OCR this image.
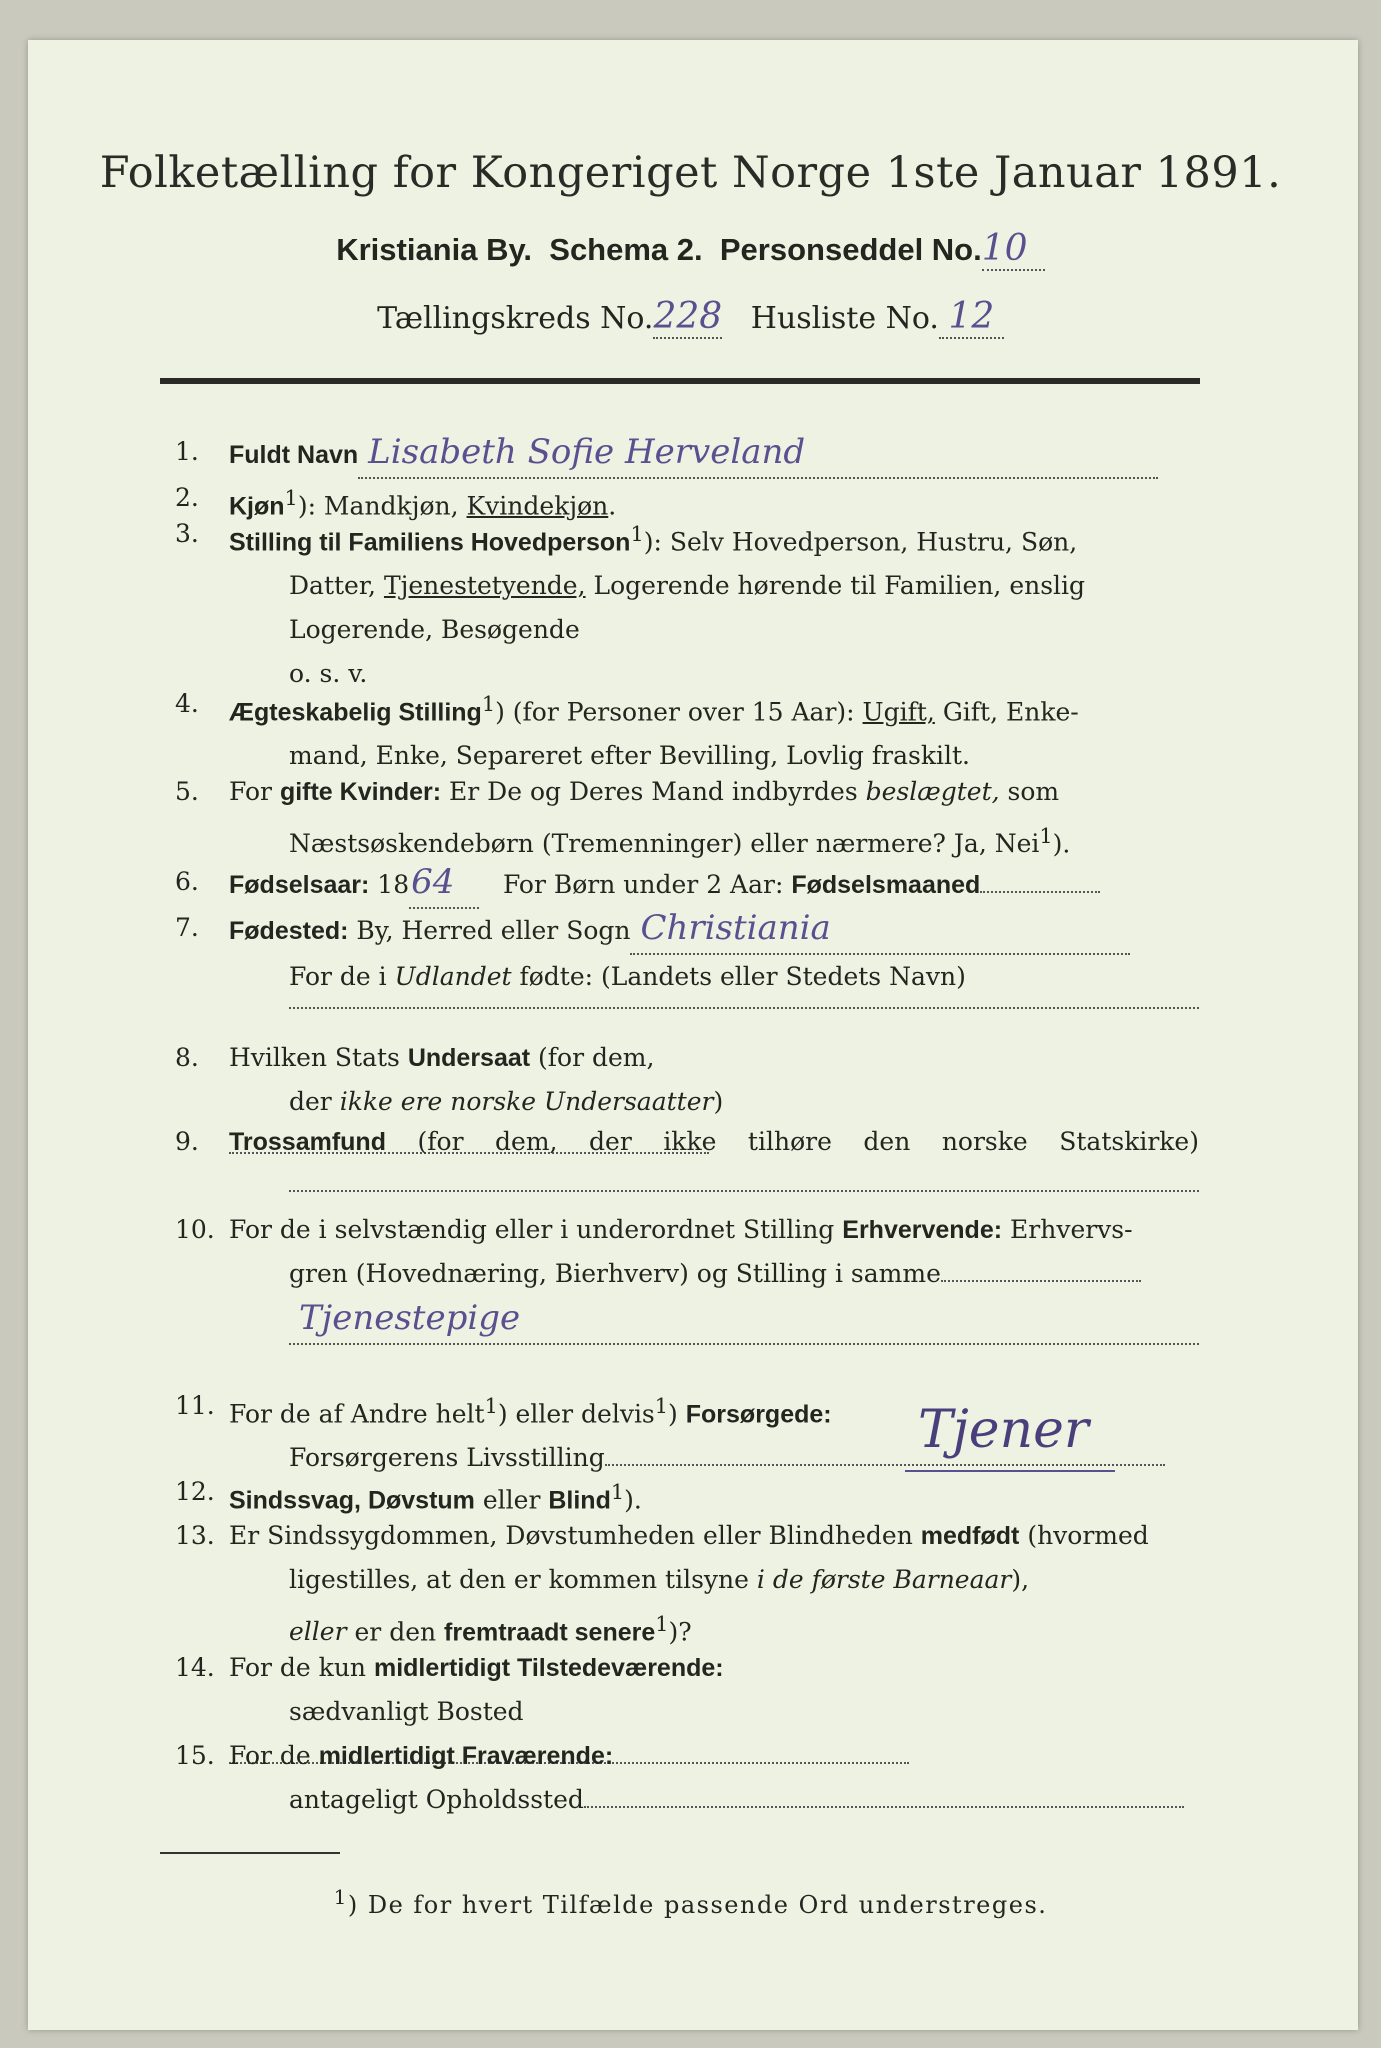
Folketælling for Kongeriget Norge 1ste Januar 1891.
Kristiania By. Schema 2. Personseddel No.10
Tællingskreds No.228 Husliste No. 12
1.	Fuldt Navn Lisabeth Sofie Herveland
2.	Kjøn$^1$): Mandkjøn, Kvindekjøn.
3.	Stilling til Familiens Hovedperson$^1$): Selv Hovedperson, Hustru, Søn,
Datter, Tjenestetyende, Logerende hørende til Familien, enslig
Logerende, Besøgende
o. s. v.
4.	Ægteskabelig Stilling$^1$) (for Personer over 15 Aar): Ugift, Gift, Enke-
mand, Enke, Separeret efter Bevilling, Lovlig fraskilt.
5.	For gifte Kvinder: Er De og Deres Mand indbyrdes beslægtet, som
Næstsøskendebørn (Tremenninger) eller nærmere? Ja, Nei$^1$).
6.	Fødselsaar: 1864 For Børn under 2 Aar: Fødselsmaaned
7.	Fødested: By, Herred eller Sogn Christiania
For de i Udlandet fødte: (Landets eller Stedets Navn)
8.	Hvilken Stats Undersaat (for dem,
der ikke ere norske Undersaatter)
9.	Trossamfund (for dem, der ikke tilhøre den norske Statskirke)
10. For de i selvstændig eller i underordnet Stilling Erhvervende: Erhvervs-
gren (Hovednæring, Bierhverv) og Stilling i samme
Tjenestepige
11. For de af Andre helt$^1$) eller delvis$^1$) Forsørgede:
Forsørgerens Livsstilling	Tjener
12. Sindssvag, Døvstum eller Blind$^1$).
13. Er Sindssygdommen, Døvstumheden eller Blindheden medfødt (hvormed
ligestilles, at den er kommen tilsyne i de første Barneaar),
eller er den fremtraadt senere$^1$)?
14. For de kun midlertidigt Tilstedeværende:
sædvanligt Bosted
15. For de midlertidigt Fraværende:
antageligt Opholdssted
$^1$) De for hvert Tilfælde passende Ord understreges.
